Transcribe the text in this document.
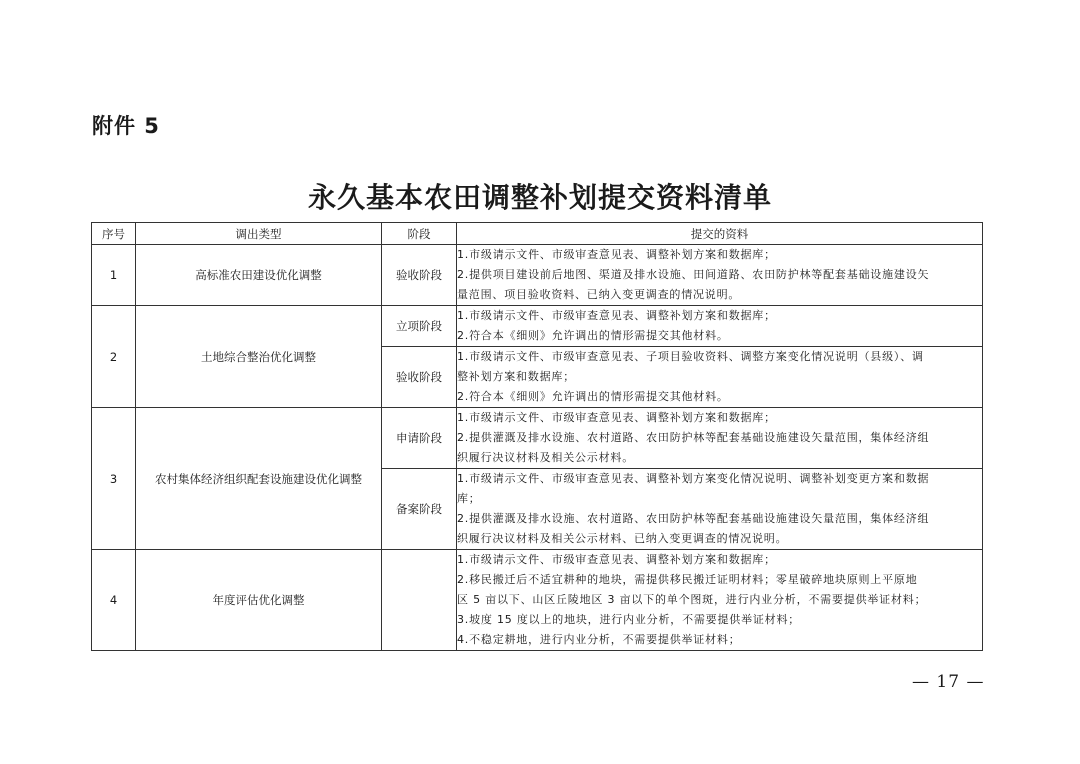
附件 5
永久基本农田调整补划提交资料清单
序号	调出类型	阶段	提交的资料
1	高标准农田建设优化调整	验收阶段	1.市级请示文件、市级审查意见表、调整补划方案和数据库；
2.提供项目建设前后地图、渠道及排水设施、田间道路、农田防护林等配套基础设施建设矢
量范围、项目验收资料、已纳入变更调查的情况说明。

2	土地综合整治优化调整	立项阶段	1.市级请示文件、市级审查意见表、调整补划方案和数据库；
2.符合本《细则》允许调出的情形需提交其他材料。

		验收阶段	1.市级请示文件、市级审查意见表、子项目验收资料、调整方案变化情况说明（县级）、调
整补划方案和数据库；
2.符合本《细则》允许调出的情形需提交其他材料。

3	农村集体经济组织配套设施建设优化调整	申请阶段	1.市级请示文件、市级审查意见表、调整补划方案和数据库；
2.提供灌溉及排水设施、农村道路、农田防护林等配套基础设施建设矢量范围，集体经济组
织履行决议材料及相关公示材料。

		备案阶段	1.市级请示文件、市级审查意见表、调整补划方案变化情况说明、调整补划变更方案和数据
库；
2.提供灌溉及排水设施、农村道路、农田防护林等配套基础设施建设矢量范围，集体经济组
织履行决议材料及相关公示材料、已纳入变更调查的情况说明。

4	年度评估优化调整		1.市级请示文件、市级审查意见表、调整补划方案和数据库；
2.移民搬迁后不适宜耕种的地块，需提供移民搬迁证明材料；零星破碎地块原则上平原地
区 5 亩以下、山区丘陵地区 3 亩以下的单个图斑，进行内业分析，不需要提供举证材料；
3.坡度 15 度以上的地块，进行内业分析，不需要提供举证材料；
4.不稳定耕地，进行内业分析，不需要提供举证材料；
— 17 —
